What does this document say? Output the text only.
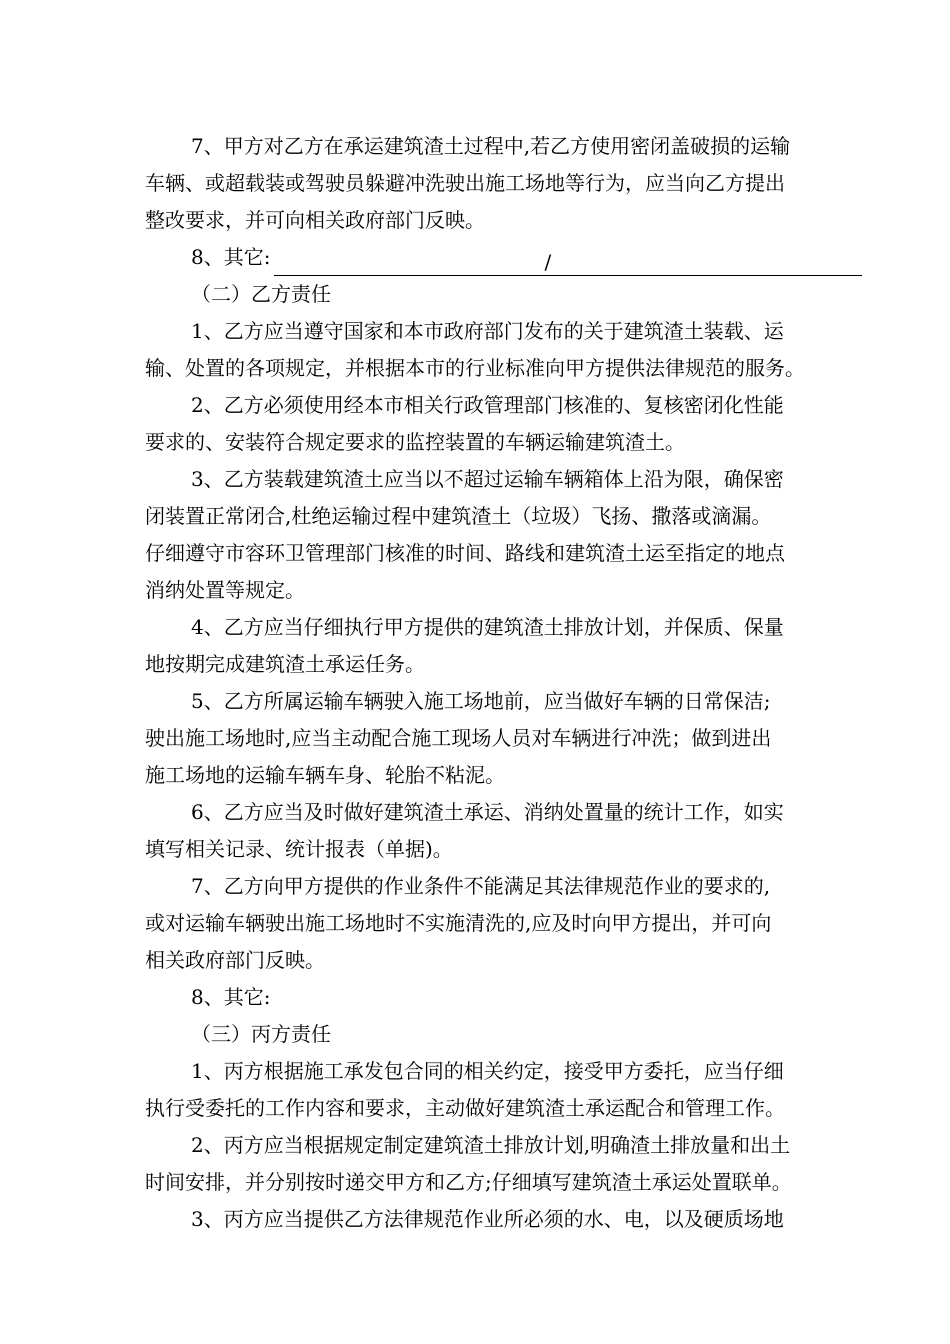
7、甲方对乙方在承运建筑渣土过程中,若乙方使用密闭盖破损的运输

车辆、或超载装或驾驶员躲避冲洗驶出施工场地等行为，应当向乙方提出

整改要求，并可向相关政府部门反映。

8、其它:	/

（二）乙方责任

1、乙方应当遵守国家和本市政府部门发布的关于建筑渣土装载、运

输、处置的各项规定，并根据本市的行业标准向甲方提供法律规范的服务。

2、乙方必须使用经本市相关行政管理部门核准的、复核密闭化性能

要求的、安装符合规定要求的监控装置的车辆运输建筑渣土。

3、乙方装载建筑渣土应当以不超过运输车辆箱体上沿为限，确保密

闭装置正常闭合,杜绝运输过程中建筑渣土（垃圾）飞扬、撒落或滴漏。

仔细遵守市容环卫管理部门核准的时间、路线和建筑渣土运至指定的地点

消纳处置等规定。

4、乙方应当仔细执行甲方提供的建筑渣土排放计划，并保质、保量

地按期完成建筑渣土承运任务。

5、乙方所属运输车辆驶入施工场地前，应当做好车辆的日常保洁;

驶出施工场地时,应当主动配合施工现场人员对车辆进行冲洗；做到进出

施工场地的运输车辆车身、轮胎不粘泥。

6、乙方应当及时做好建筑渣土承运、消纳处置量的统计工作，如实

填写相关记录、统计报表（单据)。

7、乙方向甲方提供的作业条件不能满足其法律规范作业的要求的,

或对运输车辆驶出施工场地时不实施清洗的,应及时向甲方提出，并可向

相关政府部门反映。

8、其它:

（三）丙方责任

1、丙方根据施工承发包合同的相关约定，接受甲方委托，应当仔细

执行受委托的工作内容和要求，主动做好建筑渣土承运配合和管理工作。

2、丙方应当根据规定制定建筑渣土排放计划,明确渣土排放量和出土

时间安排，并分别按时递交甲方和乙方;仔细填写建筑渣土承运处置联单。

3、丙方应当提供乙方法律规范作业所必须的水、电，以及硬质场地
